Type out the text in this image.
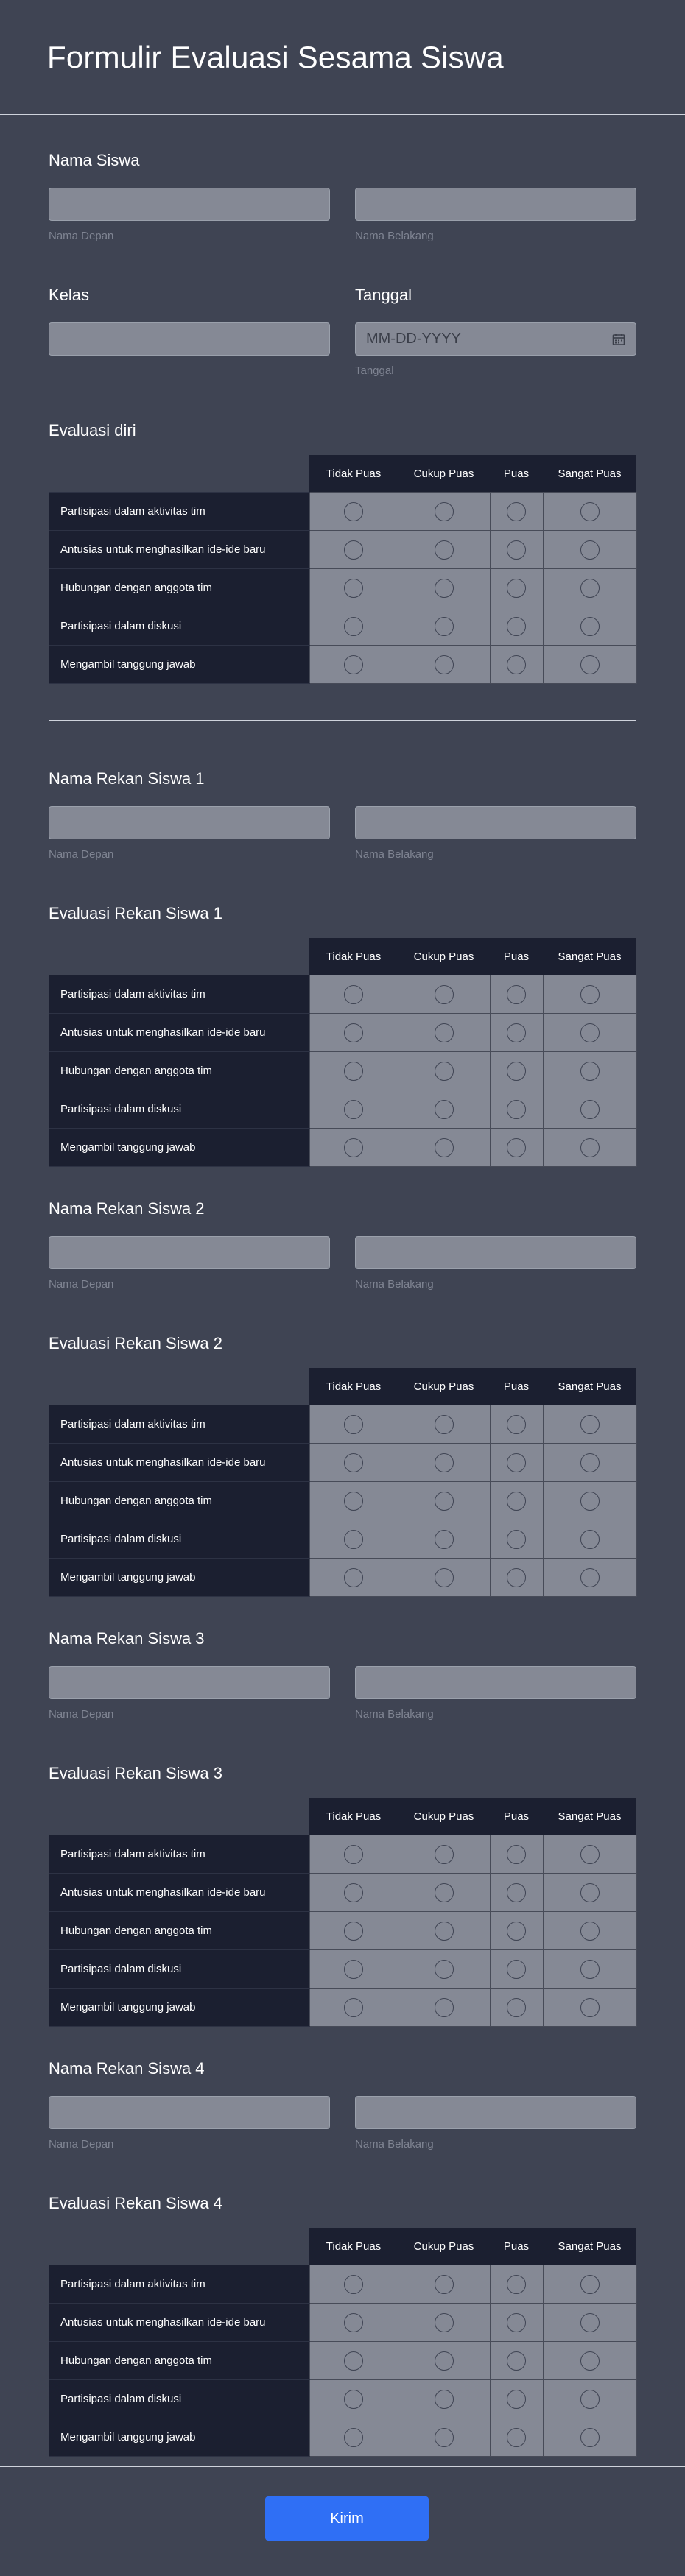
Formulir Evaluasi Sesama Siswa

Nama Siswa

Nama Depan	Nama Belakang

Kelas	Tanggal

MM-DD-YYYY
Tanggal

Evaluasi diri

	Tidak Puas	Cukup Puas	Puas	Sangat Puas
Partisipasi dalam aktivitas tim				
Antusias untuk menghasilkan ide-ide baru				
Hubungan dengan anggota tim				
Partisipasi dalam diskusi				
Mengambil tanggung jawab				

Nama Rekan Siswa 1

Nama Depan	Nama Belakang

Evaluasi Rekan Siswa 1

	Tidak Puas	Cukup Puas	Puas	Sangat Puas
Partisipasi dalam aktivitas tim				
Antusias untuk menghasilkan ide-ide baru				
Hubungan dengan anggota tim				
Partisipasi dalam diskusi				
Mengambil tanggung jawab				

Nama Rekan Siswa 2

Nama Depan	Nama Belakang

Evaluasi Rekan Siswa 2

	Tidak Puas	Cukup Puas	Puas	Sangat Puas
Partisipasi dalam aktivitas tim				
Antusias untuk menghasilkan ide-ide baru				
Hubungan dengan anggota tim				
Partisipasi dalam diskusi				
Mengambil tanggung jawab				

Nama Rekan Siswa 3

Nama Depan	Nama Belakang

Evaluasi Rekan Siswa 3

	Tidak Puas	Cukup Puas	Puas	Sangat Puas
Partisipasi dalam aktivitas tim				
Antusias untuk menghasilkan ide-ide baru				
Hubungan dengan anggota tim				
Partisipasi dalam diskusi				
Mengambil tanggung jawab				

Nama Rekan Siswa 4

Nama Depan	Nama Belakang

Evaluasi Rekan Siswa 4

	Tidak Puas	Cukup Puas	Puas	Sangat Puas
Partisipasi dalam aktivitas tim				
Antusias untuk menghasilkan ide-ide baru				
Hubungan dengan anggota tim				
Partisipasi dalam diskusi				
Mengambil tanggung jawab				
Kirim
